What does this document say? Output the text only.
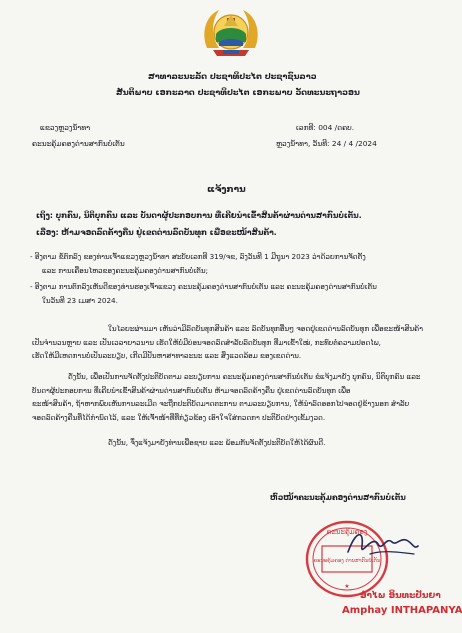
ສາທາລະນະລັດ ປະຊາທິປະໄຕ ປະຊາຊົນລາວ
ສັນຕິພາບ ເອກະລາດ ປະຊາທິປະໄຕ ເອກະພາບ ວັດທະນະຖາວອນ
ແຂວງຫຼວງນໍ້າທາ
ຄະນະຄຸ້ມຄອງດ່ານສາກົນບໍ່ເຕັນ
ເລກທີ: 004 /ດຄບ.
ຫຼວງນໍ້າທາ, ວັນທີ: 24 / 4 /2024
ແຈ້ງການ
ເຖິງ: ບຸກຄົນ, ນິຕິບຸກຄົນ ແລະ ບັນດາຜູ້ປະກອບການ ທີ່ເຄີຍນໍາເຂົ້າສິນຄ້າຜ່ານດ່ານສາກົນບໍ່ເຕັນ.
ເລື່ອງ: ຫ້າມຈອດລົດຄ້າງຄືນ ຢູ່ເຂດດ່ານລົດບັນທຸກ ເພື່ອຂະໜ້າສິນຄ້າ.
- ອີງຕາມ ຂໍ້ຕົກລົງ ຂອງທ່ານເຈົ້າແຂວງຫຼວງນໍ້າທາ ສະບັບເລກທີ 319/ຈຂ, ລົງວັນທີ 1 ມີຖຸນາ 2023 ວ່າດ້ວຍການຈັດຕັ້ງ
ແລະ ການເຄື່ອນໄຫວຂອງຄະນະຄຸ້ມຄອງດ່ານສາກົນບໍ່ເຕັນ;
- ອີງຕາມ ການຕົກລົງເຫັນດີຂອງທ່ານຮອງເຈົ້າແຂວງ ຄະນະຄຸ້ມຄອງດ່ານສາກົນບໍ່ເຕັນ ແລະ ຄະນະຄຸ້ມຄອງດ່ານສາກົນບໍ່ເຕັນ
ໃນວັນທີ 23 ເມສາ 2024.
ໃນໄລຍະຜ່ານມາ ເຫັນວ່າມີລົດບັນທຸກສິນຄ້າ ແລະ ລົດບັນທຸກອື່ນໆ ຈອດຢູ່ເຂດດ່ານລົດບັນທຸກ ເພື່ອຂະໜ້າສິນຄ້າ
ເປັນຈໍານວນຫຼາຍ ແລະ ເປັນເວລາຍາວນານ ເຮັດໃຫ້ບໍ່ມີບ່ອນຈອດລົດສຳລັບລົດບັນທຸກ ທີ່ມາເຂົ້າໃໝ່, ກະທົບຕໍ່ຄວາມປອດໄພ,
ເຮັດໃຫ້ມີເຫດການບໍ່ເປັນລະບຽບ, ເກີດມີປັນຫາສາທາລະນະ ແລະ ສິ່ງແວດລ້ອມ ຂອງເຂດດ່ານ.
ດັ່ງນັ້ນ, ເພື່ອເປັນການຈັດຕັ້ງປະຕິບັດຕາມ ລະບຽບການ ຄະນະຄຸ້ມຄອງດ່ານສາກົນບໍ່ເຕັນ ຂໍແຈ້ງມາຍັງ ບຸກຄົນ, ນິຕິບຸກຄົນ ແລະ
ບັນດາຜູ້ປະກອບການ ທີ່ເຄີຍນໍາເຂົ້າສິນຄ້າຜ່ານດ່ານສາກົນບໍ່ເຕັນ ຫ້າມຈອດລົດຄ້າງຄືນ ຢູ່ເຂດດ່ານລົດບັນທຸກ ເພື່ອ
ຂະໜ້າສິນຄ້າ, ຖ້າຫາກພົບເຫັນການລະເມີດ ຈະຖືກປະຕິບັດມາດຕະການ ຕາມລະບຽບການ, ໃຫ້ນໍາລົດອອກໄປຈອດຢູ່ຂ້າງນອກ ສຳລັບ
ຈອດລົດຄ້າງຄືນທີ່ໄດ້ກໍານົດໄວ້, ແລະ ໃຫ້ເຈົ້າໜ້າທີ່ທີ່ກ່ຽວຂ້ອງ ເອົາໃຈໃສ່ກວດກາ ປະຕິບັດຢ່າງເຂັ້ມງວດ.
ດັ່ງນັ້ນ, ຈຶ່ງແຈ້ງມາຍັງທ່ານເພື່ອຊາບ ແລະ ພ້ອມກັນຈັດຕັ້ງປະຕິບັດໃຫ້ໄດ້ຜົນດີ.
ຫົວໜ້າຄະນະຄຸ້ມຄອງດ່ານສາກົນບໍ່ເຕັນ
ຄະນະຄຸ້ມຄອງ
ຄະນະຄຸ້ມຄອງ ດ່ານສາກົນບໍ່ເຕັນ
★
ອໍາໄພ ອິນທະປັນຍາ
Amphay INTHAPANYA
